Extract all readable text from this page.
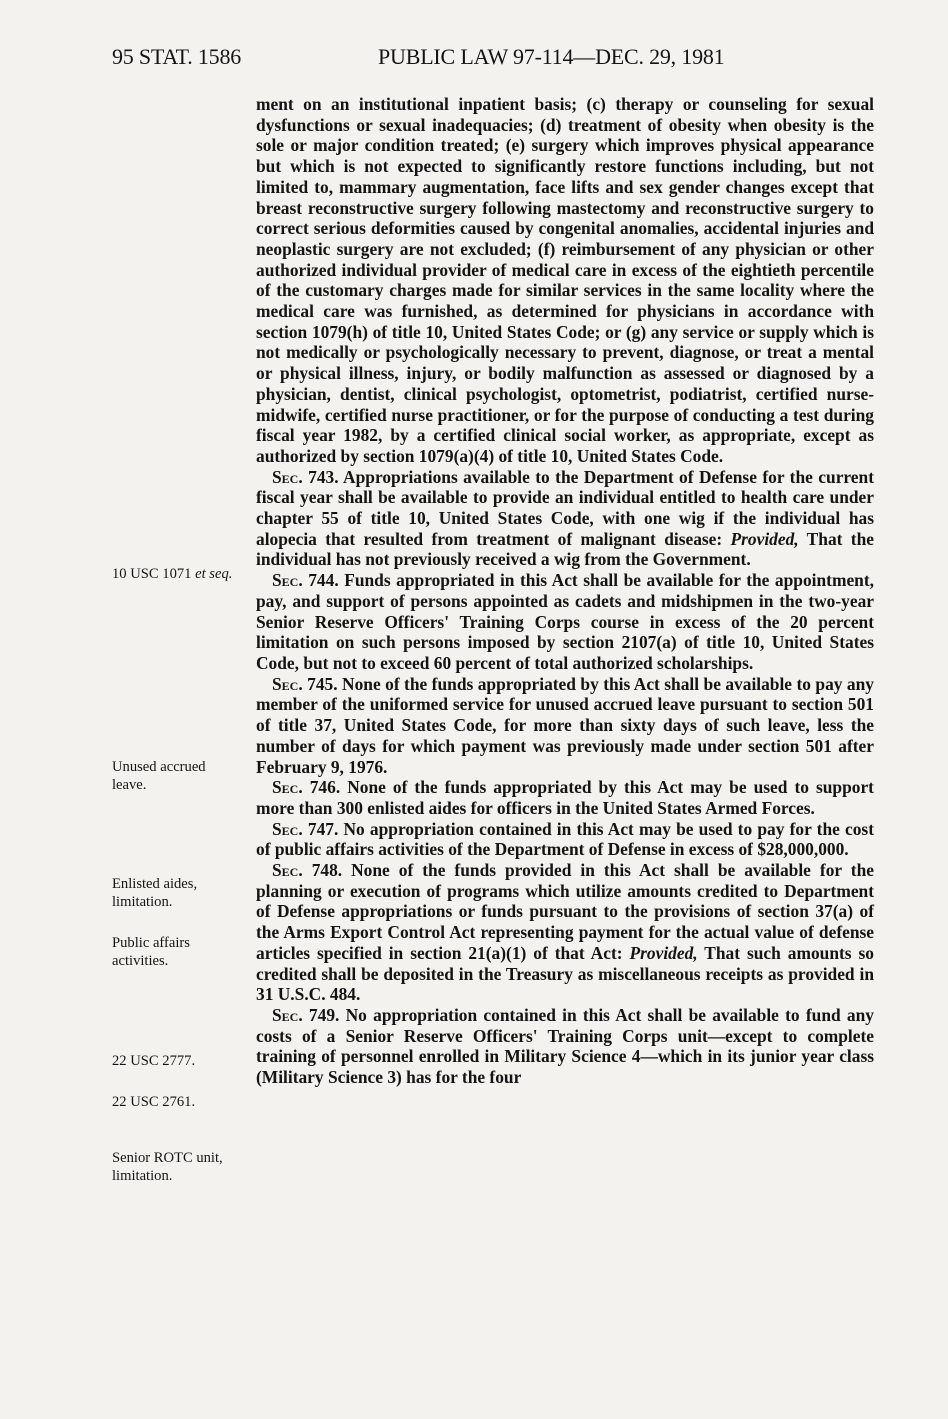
95 STAT. 1586	PUBLIC LAW 97-114—DEC. 29, 1981
10 USC 1071 et seq.
Unused accrued leave.
Enlisted aides, limitation.
Public affairs activities.
22 USC 2777.
22 USC 2761.
Senior ROTC unit, limitation.

ment on an institutional inpatient basis; (c) therapy or counseling for sexual dysfunctions or sexual inadequacies; (d) treatment of obesity when obesity is the sole or major condition treated; (e) surgery which improves physical appearance but which is not expected to significantly restore functions including, but not limited to, mammary augmentation, face lifts and sex gender changes except that breast reconstructive surgery following mastectomy and reconstructive surgery to correct serious deformities caused by congenital anomalies, accidental injuries and neoplastic surgery are not excluded; (f) reimbursement of any physician or other authorized individual provider of medical care in excess of the eightieth percentile of the customary charges made for similar services in the same locality where the medical care was furnished, as determined for physicians in accordance with section 1079(h) of title 10, United States Code; or (g) any service or supply which is not medically or psychologically necessary to prevent, diagnose, or treat a mental or physical illness, injury, or bodily malfunction as assessed or diagnosed by a physician, dentist, clinical psychologist, optometrist, podiatrist, certified nurse-midwife, certified nurse practitioner, or for the purpose of conducting a test during fiscal year 1982, by a certified clinical social worker, as appropriate, except as authorized by section 1079(a)(4) of title 10, United States Code.

Sec. 743. Appropriations available to the Department of Defense for the current fiscal year shall be available to provide an individual entitled to health care under chapter 55 of title 10, United States Code, with one wig if the individual has alopecia that resulted from treatment of malignant disease: Provided, That the individual has not previously received a wig from the Government.

Sec. 744. Funds appropriated in this Act shall be available for the appointment, pay, and support of persons appointed as cadets and midshipmen in the two-year Senior Reserve Officers' Training Corps course in excess of the 20 percent limitation on such persons imposed by section 2107(a) of title 10, United States Code, but not to exceed 60 percent of total authorized scholarships.

Sec. 745. None of the funds appropriated by this Act shall be available to pay any member of the uniformed service for unused accrued leave pursuant to section 501 of title 37, United States Code, for more than sixty days of such leave, less the number of days for which payment was previously made under section 501 after February 9, 1976.

Sec. 746. None of the funds appropriated by this Act may be used to support more than 300 enlisted aides for officers in the United States Armed Forces.

Sec. 747. No appropriation contained in this Act may be used to pay for the cost of public affairs activities of the Department of Defense in excess of $28,000,000.

Sec. 748. None of the funds provided in this Act shall be available for the planning or execution of programs which utilize amounts credited to Department of Defense appropriations or funds pursuant to the provisions of section 37(a) of the Arms Export Control Act representing payment for the actual value of defense articles specified in section 21(a)(1) of that Act: Provided, That such amounts so credited shall be deposited in the Treasury as miscellaneous receipts as provided in 31 U.S.C. 484.

Sec. 749. No appropriation contained in this Act shall be available to fund any costs of a Senior Reserve Officers' Training Corps unit—except to complete training of personnel enrolled in Military Science 4—which in its junior year class (Military Science 3) has for the four
